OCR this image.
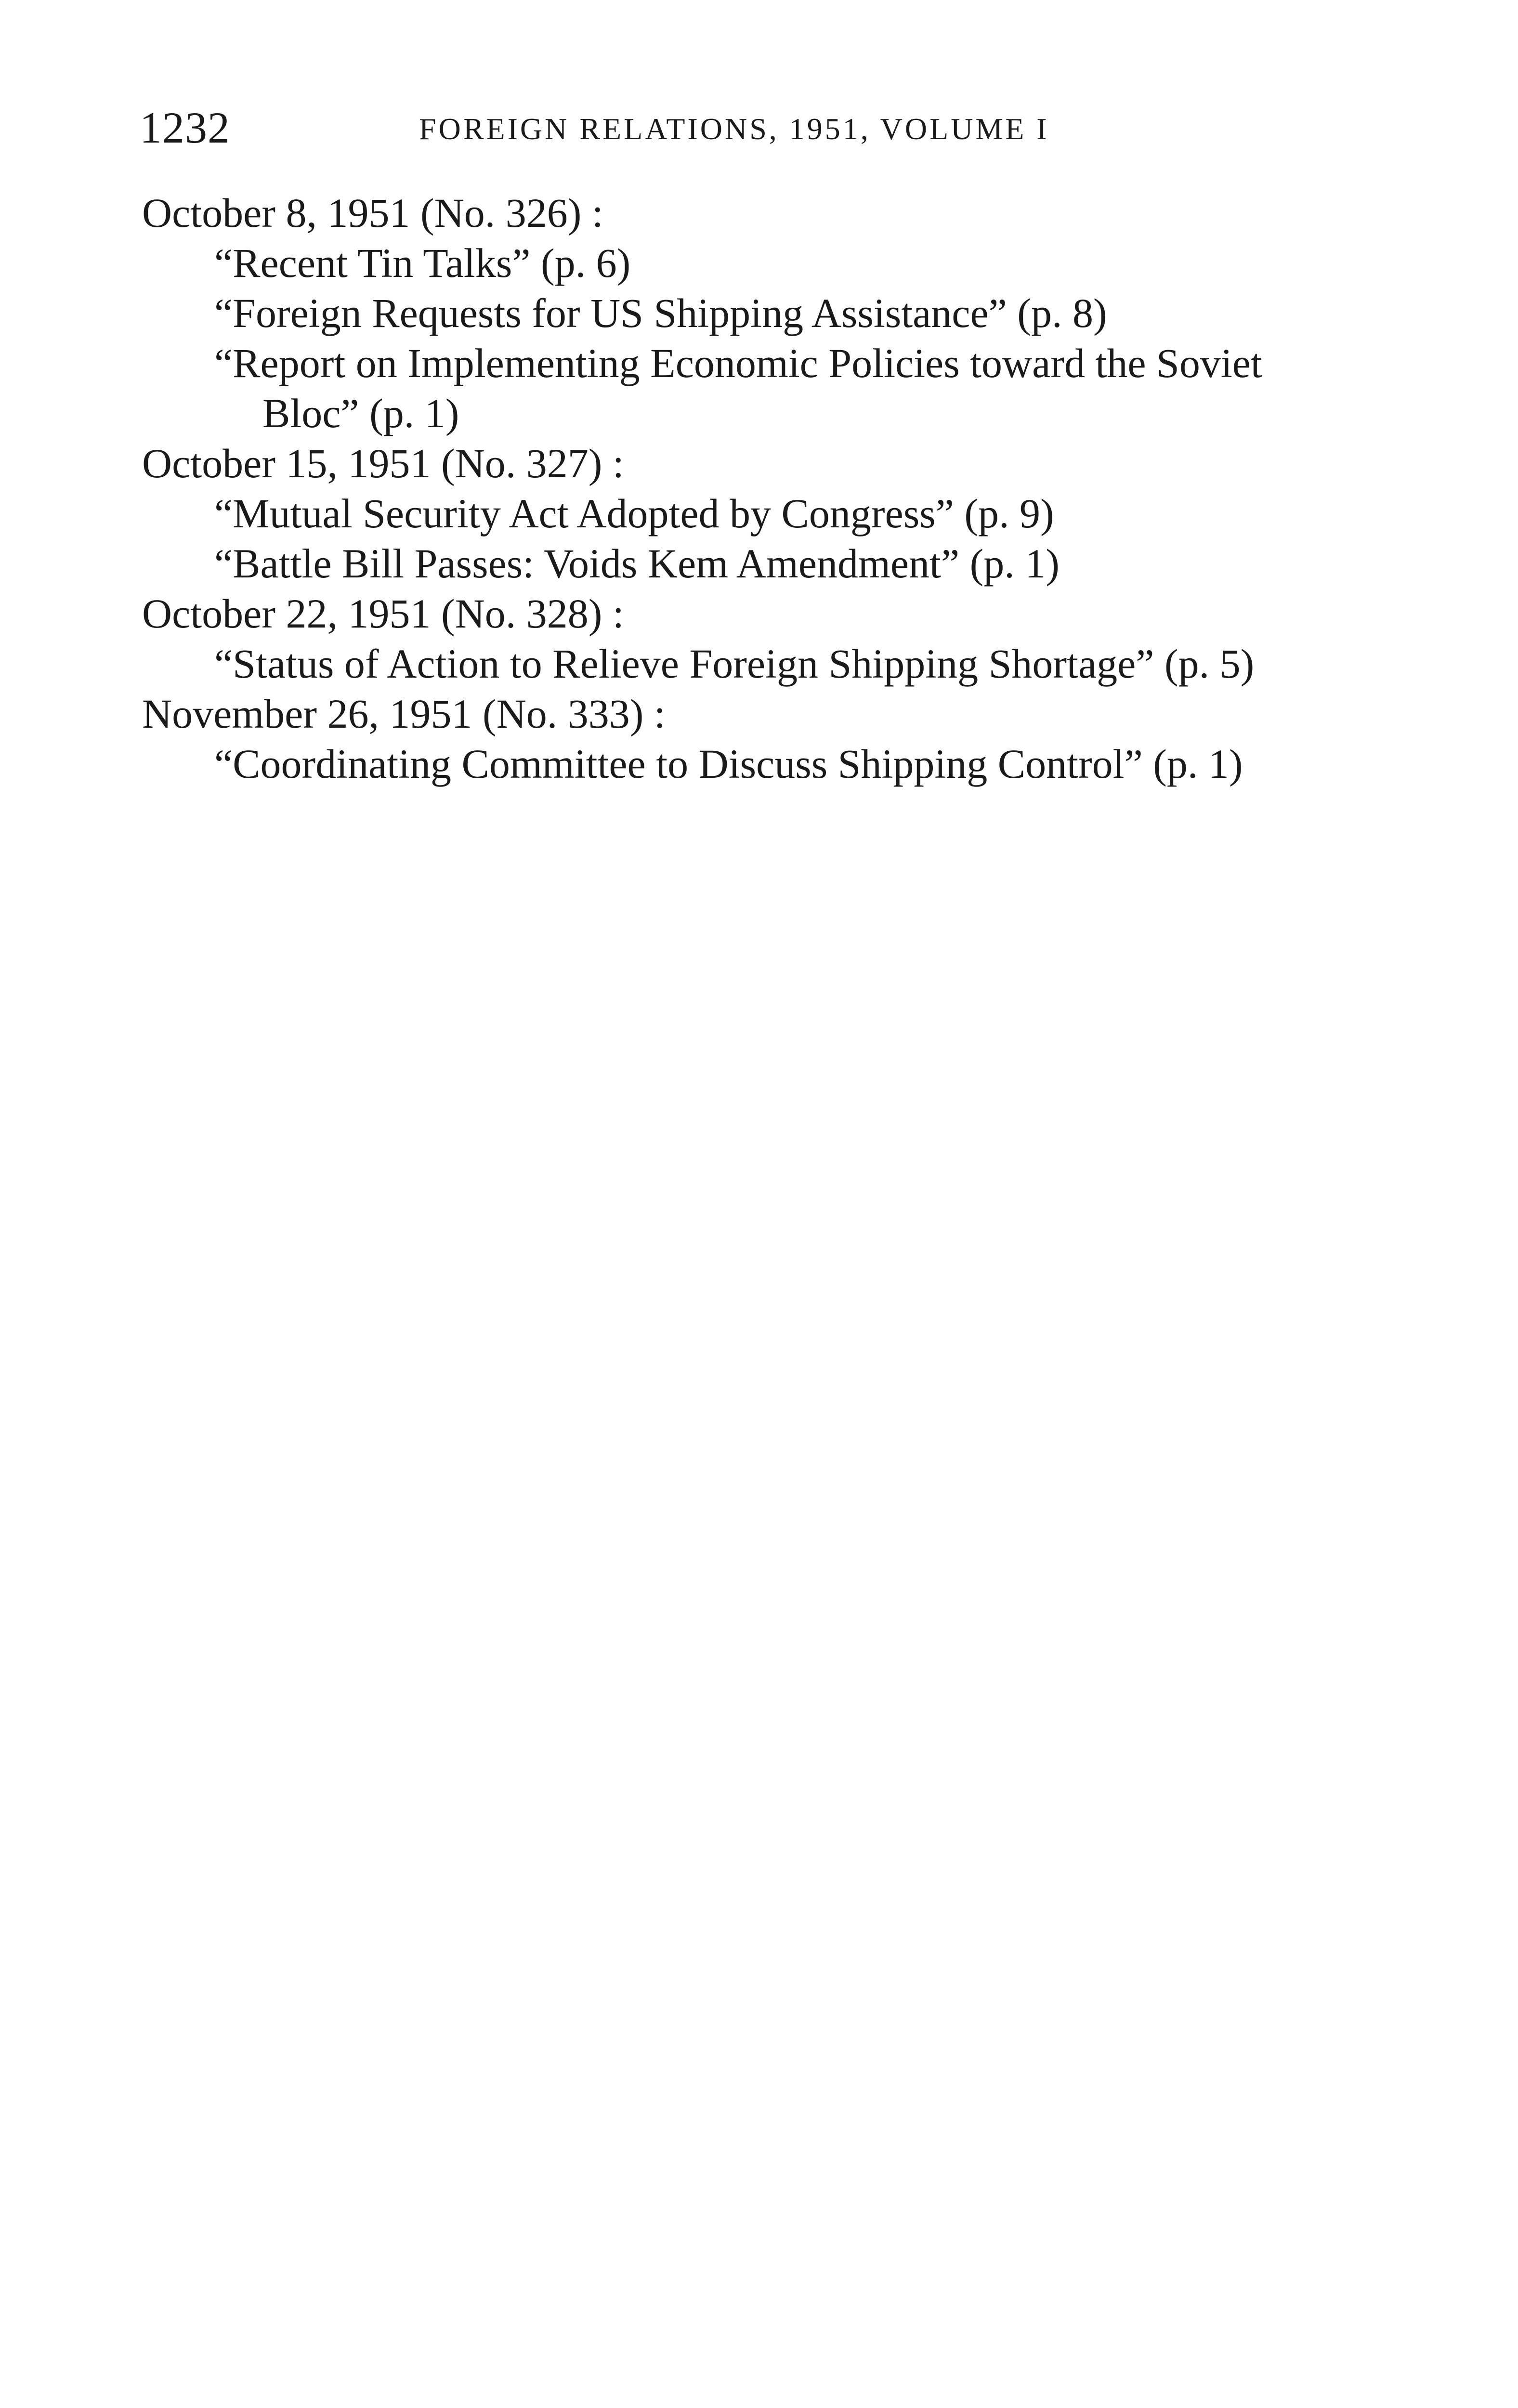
1232	FOREIGN RELATIONS, 1951, VOLUME I
October 8, 1951 (No. 326) :
“Recent Tin Talks” (p. 6)
“Foreign Requests for US Shipping Assistance” (p. 8)
“Report on Implementing Economic Policies toward the Soviet
Bloc” (p. 1)
October 15, 1951 (No. 327) :
“Mutual Security Act Adopted by Congress” (p. 9)
“Battle Bill Passes: Voids Kem Amendment” (p. 1)
October 22, 1951 (No. 328) :
“Status of Action to Relieve Foreign Shipping Shortage” (p. 5)
November 26, 1951 (No. 333) :
“Coordinating Committee to Discuss Shipping Control” (p. 1)
